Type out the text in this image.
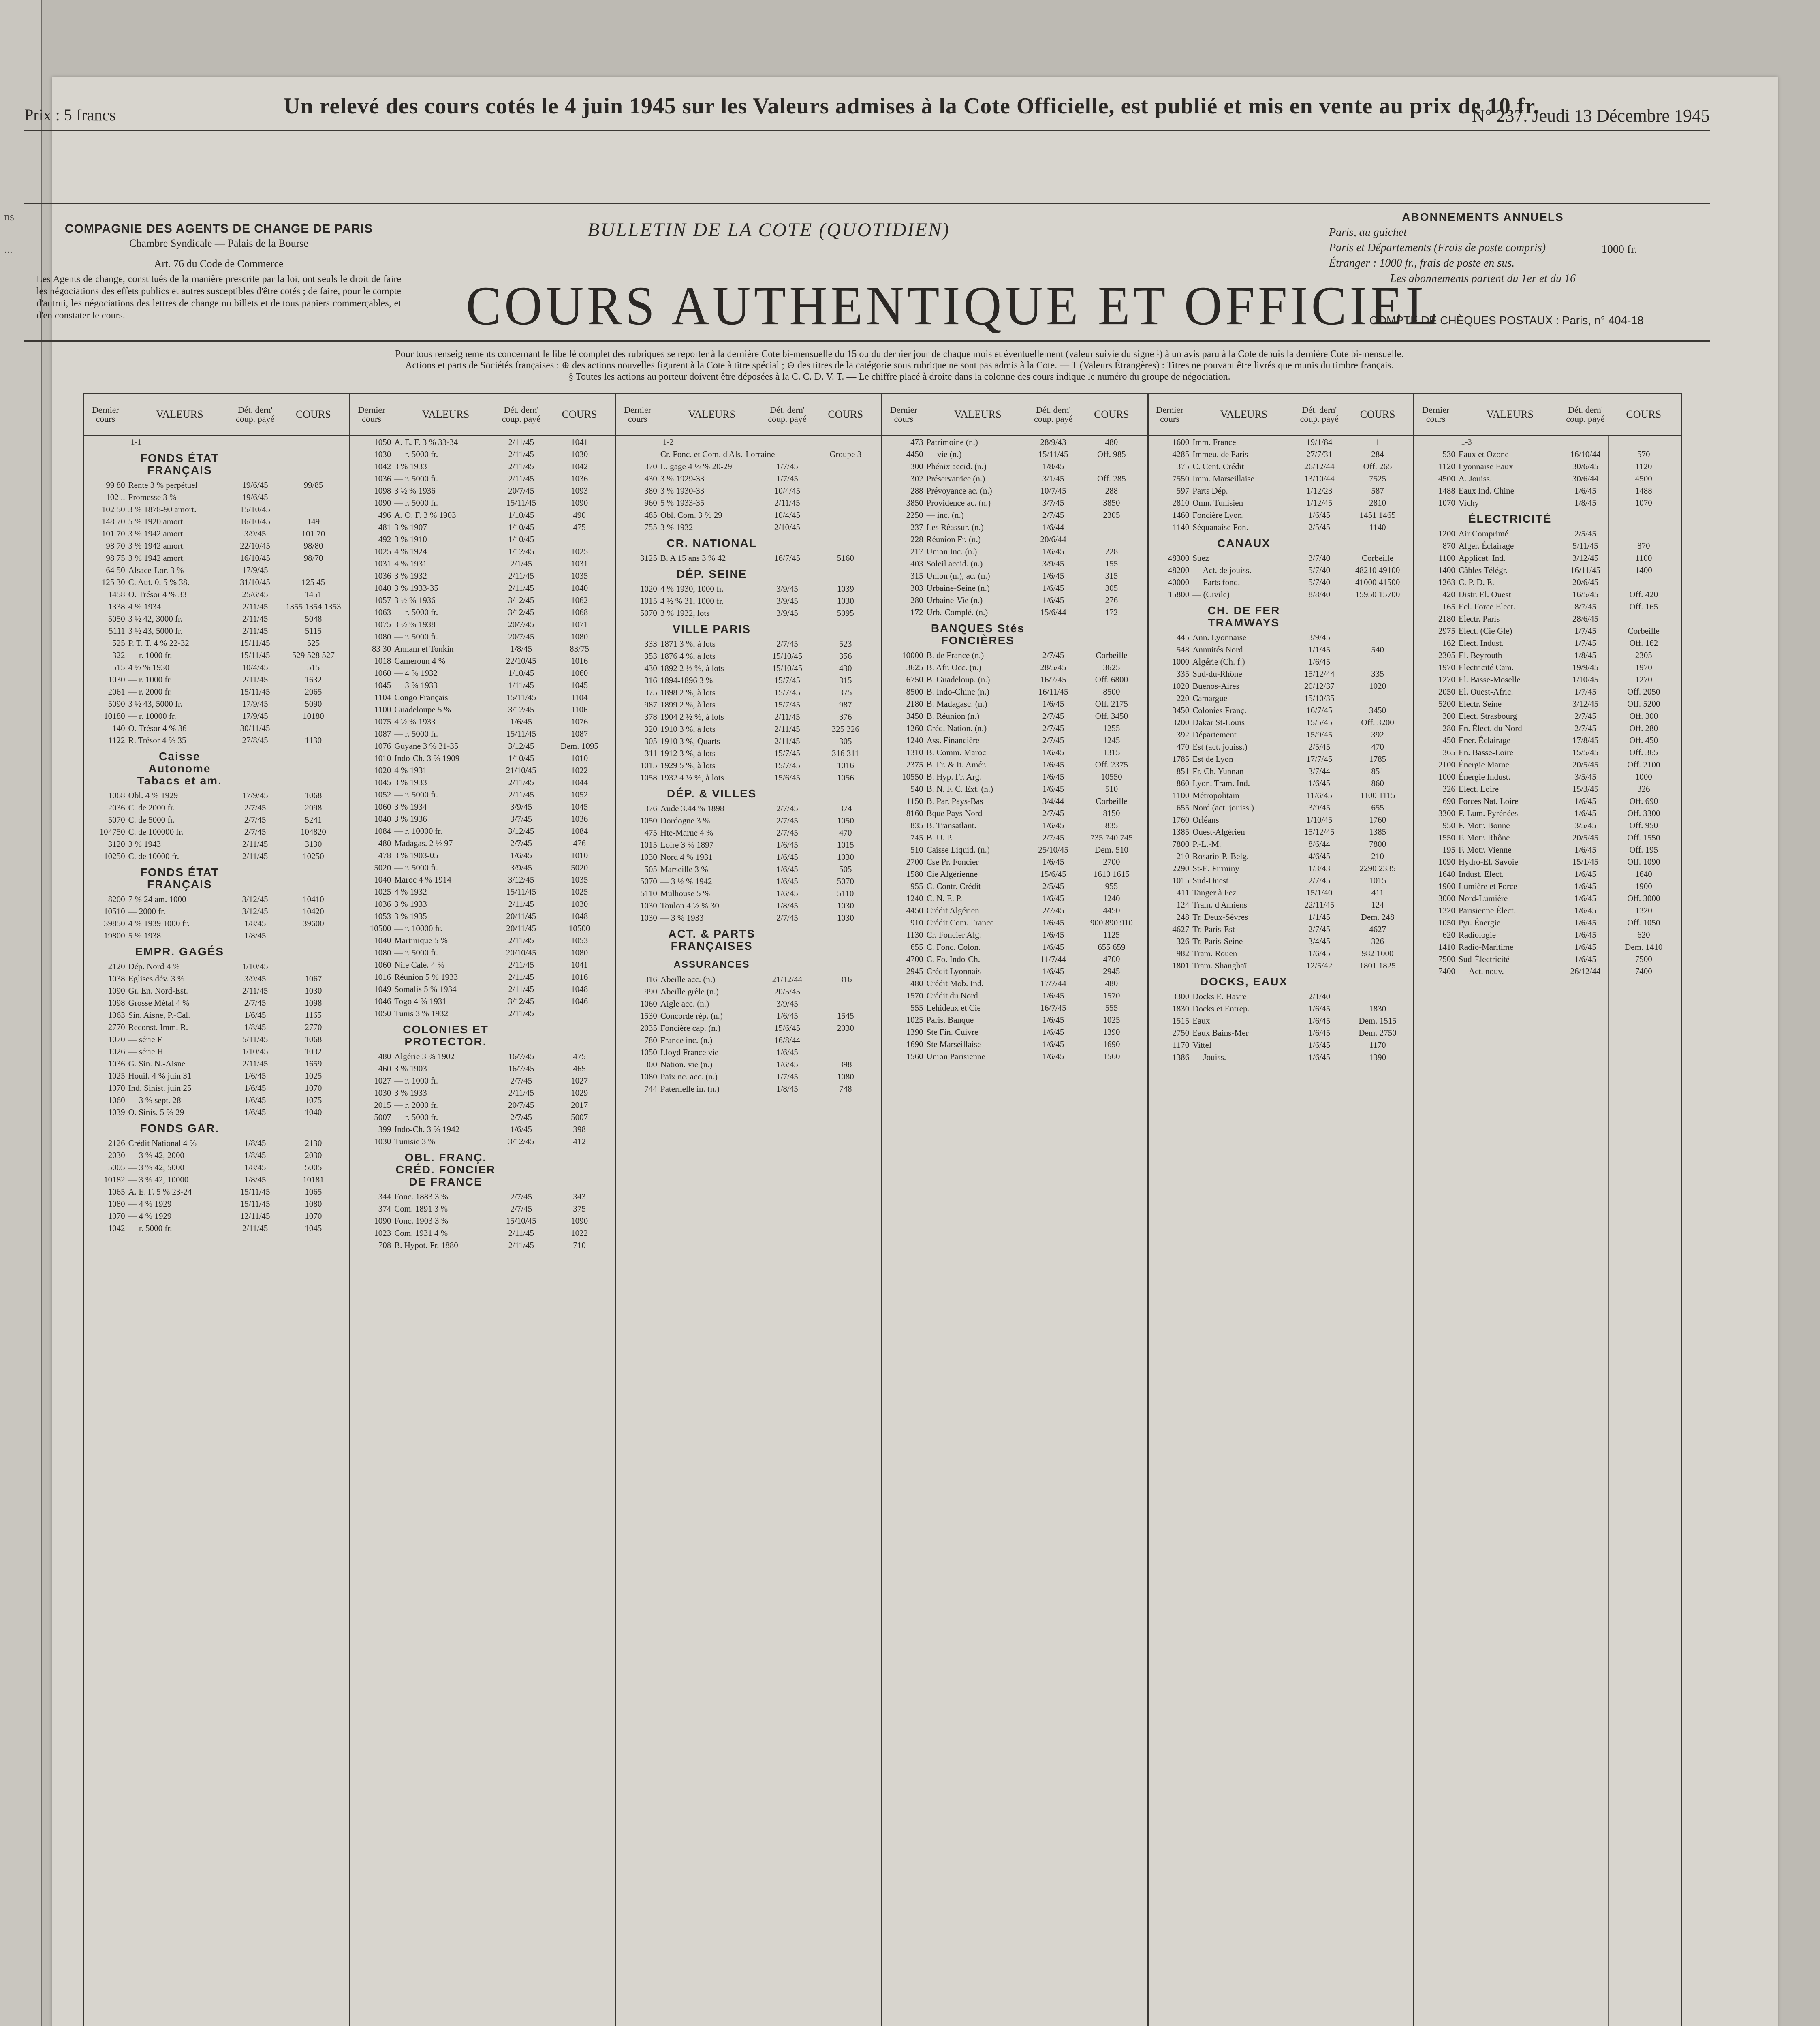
ns
...
Prix : 5 francs	Un relevé des cours cotés le 4 juin 1945 sur les Valeurs admises à la Cote Officielle, est publié et mis en vente au prix de 10 fr.
N° 237. Jeudi 13 Décembre 1945
COMPAGNIE DES AGENTS DE CHANGE DE PARIS
Chambre Syndicale — Palais de la Bourse
Art. 76 du Code de Commerce
Les Agents de change, constitués de la manière prescrite par la loi, ont seuls le droit de faire les négociations des effets publics et autres susceptibles d'être cotés ; de faire, pour le compte d'autrui, les négociations des lettres de change ou billets et de tous papiers commerçables, et d'en constater le cours.
BULLETIN DE LA COTE (QUOTIDIEN)
COURS AUTHENTIQUE ET OFFICIEL
ABONNEMENTS ANNUELS
Paris, au guichet
Paris et Départements (Frais de poste compris)
Étranger : 1000 fr., frais de poste en sus.
Les abonnements partent du 1er et du 16
1000 fr.
COMPTE DE CHÈQUES POSTAUX : Paris, n° 404-18
Pour tous renseignements concernant le libellé complet des rubriques se reporter à la dernière Cote bi-mensuelle du 15 ou du dernier jour de chaque mois et éventuellement (valeur suivie du signe ¹) à un avis paru à la Cote depuis la dernière Cote bi-mensuelle.
Actions et parts de Sociétés françaises : ⊕ des actions nouvelles figurent à la Cote à titre spécial ; ⊖ des titres de la catégorie sous rubrique ne sont pas admis à la Cote. — T (Valeurs Étrangères) : Titres ne pouvant être livrés que munis du timbre français.
§ Toutes les actions au porteur doivent être déposées à la C. C. D. V. T. — Le chiffre placé à droite dans la colonne des cours indique le numéro du groupe de négociation.
Dernier cours	VALEURS	Dét. dern' coup. payé	COURS
1-1
FONDS ÉTAT FRANÇAIS
99 80 Rente 3 % perpétuel	19/6/45	99/85
102 .. Promesse 3 %	19/6/45
102 50 3 % 1878-90 amort.	15/10/45
148 70 5 % 1920 amort.	16/10/45	149
101 70 3 % 1942 amort.	3/9/45	101 70
98 70 3 % 1942 amort.	22/10/45	98/80
98 75 3 % 1942 amort.	16/10/45	98/70
64 50 Alsace-Lor. 3 %	17/9/45
125 30 C. Aut. 0. 5 % 38.	31/10/45	125 45
1458 O. Trésor 4 % 33	25/6/45	1451
1338 4 % 1934	2/11/45	1355 1354 1353
5050 3 ½ 42, 3000 fr.	2/11/45	5048
5111 3 ½ 43, 5000 fr.	2/11/45	5115
525 P. T. T. 4 % 22-32	15/11/45	525
322 — r. 1000 fr.	15/11/45	529 528 527
515 4 ½ % 1930	10/4/45	515
1030 — r. 1000 fr.	2/11/45	1632
2061 — r. 2000 fr.	15/11/45	2065
5090 3 ½ 43, 5000 fr.	17/9/45	5090
10180 — r. 10000 fr.	17/9/45	10180
140 O. Trésor 4 % 36	30/11/45
1122 R. Trésor 4 % 35	27/8/45	1130
Caisse Autonome Tabacs et am.
1068 Obl. 4 % 1929	17/9/45	1068
2036 C. de 2000 fr.	2/7/45	2098
5070 C. de 5000 fr.	2/7/45	5241
104750 C. de 100000 fr.	2/7/45	104820
3120 3 % 1943	2/11/45	3130
10250 C. de 10000 fr.	2/11/45	10250
FONDS ÉTAT FRANÇAIS
8200 7 % 24 am. 1000	3/12/45	10410
10510 — 2000 fr.	3/12/45	10420
39850 4 % 1939 1000 fr.	1/8/45	39600
19800 5 % 1938	1/8/45
EMPR. GAGÉS
2120 Dép. Nord 4 %	1/10/45
1038 Eglises dév. 3 %	3/9/45	1067
1090 Gr. En. Nord-Est.	2/11/45	1030
1098 Grosse Métal 4 %	2/7/45	1098
1063 Sin. Aisne, P.-Cal.	1/6/45	1165
2770 Reconst. Imm. R.	1/8/45	2770
1070 — série F	5/11/45	1068
1026 — série H	1/10/45	1032
1036 G. Sin. N.-Aisne	2/11/45	1659
1025 Houil. 4 % juin 31	1/6/45	1025
1070 Ind. Sinist. juin 25	1/6/45	1070
1060 — 3 % sept. 28	1/6/45	1075
1039 O. Sinis. 5 % 29	1/6/45	1040
FONDS GAR.
2126 Crédit National 4 %	1/8/45	2130
2030 — 3 % 42, 2000	1/8/45	2030
5005 — 3 % 42, 5000	1/8/45	5005
10182 — 3 % 42, 10000	1/8/45	10181
1065 A. E. F. 5 % 23-24	15/11/45	1065
1080 — 4 % 1929	15/11/45	1080
1070 — 4 % 1929	12/11/45	1070
1042 — r. 5000 fr.	2/11/45	1045
Dernier cours	VALEURS	Dét. dern' coup. payé	COURS
1050 A. E. F. 3 % 33-34	2/11/45	1041
1030 — r. 5000 fr.	2/11/45	1030
1042 3 % 1933	2/11/45	1042
1036 — r. 5000 fr.	2/11/45	1036
1098 3 ½ % 1936	20/7/45	1093
1090 — r. 5000 fr.	15/11/45	1090
496 A. O. F. 3 % 1903	1/10/45	490
481 3 % 1907	1/10/45	475
492 3 % 1910	1/10/45
1025 4 % 1924	1/12/45	1025
1031 4 % 1931	2/1/45	1031
1036 3 % 1932	2/11/45	1035
1040 3 % 1933-35	2/11/45	1040
1057 3 ½ % 1936	3/12/45	1062
1063 — r. 5000 fr.	3/12/45	1068
1075 3 ½ % 1938	20/7/45	1071
1080 — r. 5000 fr.	20/7/45	1080
83 30 Annam et Tonkin	1/8/45	83/75
1018 Cameroun 4 %	22/10/45	1016
1060 — 4 % 1932	1/10/45	1060
1045 — 3 % 1933	1/11/45	1045
1104 Congo Français	15/11/45	1104
1100 Guadeloupe 5 %	3/12/45	1106
1075 4 ½ % 1933	1/6/45	1076
1087 — r. 5000 fr.	15/11/45	1087
1076 Guyane 3 % 31-35	3/12/45	Dem. 1095
1010 Indo-Ch. 3 % 1909	1/10/45	1010
1020 4 % 1931	21/10/45	1022
1045 3 % 1933	2/11/45	1044
1052 — r. 5000 fr.	2/11/45	1052
1060 3 % 1934	3/9/45	1045
1040 3 % 1936	3/7/45	1036
1084 — r. 10000 fr.	3/12/45	1084
480 Madagas. 2 ½ 97	2/7/45	476
478 3 % 1903-05	1/6/45	1010
5020 — r. 5000 fr.	3/9/45	5020
1040 Maroc 4 % 1914	3/12/45	1035
1025 4 % 1932	15/11/45	1025
1036 3 % 1933	2/11/45	1030
1053 3 % 1935	20/11/45	1048
10500 — r. 10000 fr.	20/11/45	10500
1040 Martinique 5 %	2/11/45	1053
1080 — r. 5000 fr.	20/10/45	1080
1060 Nile Calé. 4 %	2/11/45	1041
1016 Réunion 5 % 1933	2/11/45	1016
1049 Somalis 5 % 1934	2/11/45	1048
1046 Togo 4 % 1931	3/12/45	1046
1050 Tunis 3 % 1932	2/11/45
COLONIES ET PROTECTOR.
480 Algérie 3 % 1902	16/7/45	475
460 3 % 1903	16/7/45	465
1027 — r. 1000 fr.	2/7/45	1027
1030 3 % 1933	2/11/45	1029
2015 — r. 2000 fr.	20/7/45	2017
5007 — r. 5000 fr.	2/7/45	5007
399 Indo-Ch. 3 % 1942	1/6/45	398
1030 Tunisie 3 %	3/12/45	412
OBL. FRANÇ. CRÉD. FONCIER DE FRANCE
344 Fonc. 1883 3 %	2/7/45	343
374 Com. 1891 3 %	2/7/45	375
1090 Fonc. 1903 3 %	15/10/45	1090
1023 Com. 1931 4 %	2/11/45	1022
708 B. Hypot. Fr. 1880	2/11/45	710
Dernier cours	VALEURS	Dét. dern' coup. payé	COURS
1-2
Cr. Fonc. et Com. d'Als.-Lorraine	Groupe 3
370 L. gage 4 ½ % 20-29	1/7/45
430 3 % 1929-33	1/7/45
380 3 % 1930-33	10/4/45
960 5 % 1933-35	2/11/45
485 Obl. Com. 3 % 29	10/4/45
755 3 % 1932	2/10/45
CR. NATIONAL
3125 B. A 15 ans 3 % 42	16/7/45	5160
DÉP. SEINE
1020 4 % 1930, 1000 fr.	3/9/45	1039
1015 4 ½ % 31, 1000 fr.	3/9/45	1030
5070 3 % 1932, lots	3/9/45	5095
VILLE PARIS
333 1871 3 %, à lots	2/7/45	523
353 1876 4 %, à lots	15/10/45	356
430 1892 2 ½ %, à lots	15/10/45	430
316 1894-1896 3 %	15/7/45	315
375 1898 2 %, à lots	15/7/45	375
987 1899 2 %, à lots	15/7/45	987
378 1904 2 ½ %, à lots	2/11/45	376
320 1910 3 %, à lots	2/11/45	325 326
305 1910 3 %, Quarts	2/11/45	305
311 1912 3 %, à lots	15/7/45	316 311
1015 1929 5 %, à lots	15/7/45	1016
1058 1932 4 ½ %, à lots	15/6/45	1056
DÉP. & VILLES
376 Aude 3.44 % 1898	2/7/45	374
1050 Dordogne 3 %	2/7/45	1050
475 Hte-Marne 4 %	2/7/45	470
1015 Loire 3 % 1897	1/6/45	1015
1030 Nord 4 % 1931	1/6/45	1030
505 Marseille 3 %	1/6/45	505
5070 — 3 ½ % 1942	1/6/45	5070
5110 Mulhouse 5 %	1/6/45	5110
1030 Toulon 4 ½ % 30	1/8/45	1030
1030 — 3 % 1933	2/7/45	1030
ACT. & PARTS FRANÇAISES
ASSURANCES
316 Abeille acc. (n.)	21/12/44	316
990 Abeille grêle (n.)	20/5/45
1060 Aigle acc. (n.)	3/9/45
1530 Concorde rép. (n.)	1/6/45	1545
2035 Foncière cap. (n.)	15/6/45	2030
780 France inc. (n.)	16/8/44
1050 Lloyd France vie	1/6/45
300 Nation. vie (n.)	1/6/45	398
1080 Paix nc. acc. (n.)	1/7/45	1080
744 Paternelle in. (n.)	1/8/45	748
Dernier cours	VALEURS	Dét. dern' coup. payé	COURS
473 Patrimoine (n.)	28/9/43	480
4450 — vie (n.)	15/11/45	Off. 985
300 Phénix accid. (n.)	1/8/45
302 Préservatrice (n.)	3/1/45	Off. 285
288 Prévoyance ac. (n.)	10/7/45	288
3850 Providence ac. (n.)	3/7/45	3850
2250 — inc. (n.)	2/7/45	2305
237 Les Réassur. (n.)	1/6/44
228 Réunion Fr. (n.)	20/6/44
217 Union Inc. (n.)	1/6/45	228
403 Soleil accid. (n.)	3/9/45	155
315 Union (n.), ac. (n.)	1/6/45	315
303 Urbaine-Seine (n.)	1/6/45	305
280 Urbaine-Vie (n.)	1/6/45	276
172 Urb.-Complé. (n.)	15/6/44	172
BANQUES Stés FONCIÈRES
10000 B. de France (n.)	2/7/45	Corbeille
3625 B. Afr. Occ. (n.)	28/5/45	3625
6750 B. Guadeloup. (n.)	16/7/45	Off. 6800
8500 B. Indo-Chine (n.)	16/11/45	8500
2180 B. Madagasc. (n.)	1/6/45	Off. 2175
3450 B. Réunion (n.)	2/7/45	Off. 3450
1260 Créd. Nation. (n.)	2/7/45	1255
1240 Ass. Financière	2/7/45	1245
1310 B. Comm. Maroc	1/6/45	1315
2375 B. Fr. & It. Amér.	1/6/45	Off. 2375
10550 B. Hyp. Fr. Arg.	1/6/45	10550
540 B. N. F. C. Ext. (n.)	1/6/45	510
1150 B. Par. Pays-Bas	3/4/44	Corbeille
8160 Bque Pays Nord	2/7/45	8150
835 B. Transatlant.	1/6/45	835
745 B. U. P.	2/7/45	735 740 745
510 Caisse Liquid. (n.)	25/10/45	Dem. 510
2700 Cse Pr. Foncier	1/6/45	2700
1580 Cie Algérienne	15/6/45	1610 1615
955 C. Contr. Crédit	2/5/45	955
1240 C. N. E. P.	1/6/45	1240
4450 Crédit Algérien	2/7/45	4450
910 Crédit Com. France	1/6/45	900 890 910
1130 Cr. Foncier Alg.	1/6/45	1125
655 C. Fonc. Colon.	1/6/45	655 659
4700 C. Fo. Indo-Ch.	11/7/44	4700
2945 Crédit Lyonnais	1/6/45	2945
480 Crédit Mob. Ind.	17/7/44	480
1570 Crédit du Nord	1/6/45	1570
555 Lehideux et Cie	16/7/45	555
1025 Paris. Banque	1/6/45	1025
1390 Ste Fin. Cuivre	1/6/45	1390
1690 Ste Marseillaise	1/6/45	1690
1560 Union Parisienne	1/6/45	1560
Dernier cours	VALEURS	Dét. dern' coup. payé	COURS
1600 Imm. France	19/1/84	1
4285 Immeu. de Paris	27/7/31	284
375 C. Cent. Crédit	26/12/44	Off. 265
7550 Imm. Marseillaise	13/10/44	7525
597 Parts Dép.	1/12/23	587
2810 Omn. Tunisien	1/12/45	2810
1460 Foncière Lyon.	1/6/45	1451 1465
1140 Séquanaise Fon.	2/5/45	1140
CANAUX
48300 Suez	3/7/40	Corbeille
48200 — Act. de jouiss.	5/7/40	48210 49100
40000 — Parts fond.	5/7/40	41000 41500
15800 — (Civile)	8/8/40	15950 15700
CH. DE FER TRAMWAYS
445 Ann. Lyonnaise	3/9/45
548 Annuités Nord	1/1/45	540
1000 Algérie (Ch. f.)	1/6/45
335 Sud-du-Rhône	15/12/44	335
1020 Buenos-Aires	20/12/37	1020
220 Camargue	15/10/35
3450 Colonies Franç.	16/7/45	3450
3200 Dakar St-Louis	15/5/45	Off. 3200
392 Département	15/9/45	392
470 Est (act. jouiss.)	2/5/45	470
1785 Est de Lyon	17/7/45	1785
851 Fr. Ch. Yunnan	3/7/44	851
860 Lyon. Tram. Ind.	1/6/45	860
1100 Métropolitain	11/6/45	1100 1115
655 Nord (act. jouiss.)	3/9/45	655
1760 Orléans	1/10/45	1760
1385 Ouest-Algérien	15/12/45	1385
7800 P.-L.-M.	8/6/44	7800
210 Rosario-P.-Belg.	4/6/45	210
2290 St-E. Firminy	1/3/43	2290 2335
1015 Sud-Ouest	2/7/45	1015
411 Tanger à Fez	15/1/40	411
124 Tram. d'Amiens	22/11/45	124
248 Tr. Deux-Sèvres	1/1/45	Dem. 248
4627 Tr. Paris-Est	2/7/45	4627
326 Tr. Paris-Seine	3/4/45	326
982 Tram. Rouen	1/6/45	982 1000
1801 Tram. Shanghaï	12/5/42	1801 1825
DOCKS, EAUX
3300 Docks E. Havre	2/1/40
1830 Docks et Entrep.	1/6/45	1830
1515 Eaux	1/6/45	Dem. 1515
2750 Eaux Bains-Mer	1/6/45	Dem. 2750
1170 Vittel	1/6/45	1170
1386 — Jouiss.	1/6/45	1390
Dernier cours	VALEURS	Dét. dern' coup. payé	COURS
1-3
530 Eaux et Ozone	16/10/44	570
1120 Lyonnaise Eaux	30/6/45	1120
4500 A. Jouiss.	30/6/44	4500
1488 Eaux Ind. Chine	1/6/45	1488
1070 Vichy	1/8/45	1070
ÉLECTRICITÉ
1200 Air Comprimé	2/5/45
870 Alger. Éclairage	5/11/45	870
1100 Applicat. Ind.	3/12/45	1100
1400 Câbles Télégr.	16/11/45	1400
1263 C. P. D. E.	20/6/45
420 Distr. El. Ouest	16/5/45	Off. 420
165 Ecl. Force Elect.	8/7/45	Off. 165
2180 Electr. Paris	28/6/45
2975 Elect. (Cie Gle)	1/7/45	Corbeille
162 Elect. Indust.	1/7/45	Off. 162
2305 El. Beyrouth	1/8/45	2305
1970 Electricité Cam.	19/9/45	1970
1270 El. Basse-Moselle	1/10/45	1270
2050 El. Ouest-Afric.	1/7/45	Off. 2050
5200 Electr. Seine	3/12/45	Off. 5200
300 Elect. Strasbourg	2/7/45	Off. 300
280 En. Élect. du Nord	2/7/45	Off. 280
450 Ener. Éclairage	17/8/45	Off. 450
365 En. Basse-Loire	15/5/45	Off. 365
2100 Énergie Marne	20/5/45	Off. 2100
1000 Énergie Indust.	3/5/45	1000
326 Elect. Loire	15/3/45	326
690 Forces Nat. Loire	1/6/45	Off. 690
3300 F. Lum. Pyrénées	1/6/45	Off. 3300
950 F. Motr. Bonne	3/5/45	Off. 950
1550 F. Motr. Rhône	20/5/45	Off. 1550
195 F. Motr. Vienne	1/6/45	Off. 195
1090 Hydro-El. Savoie	15/1/45	Off. 1090
1640 Indust. Elect.	1/6/45	1640
1900 Lumière et Force	1/6/45	1900
3000 Nord-Lumière	1/6/45	Off. 3000
1320 Parisienne Élect.	1/6/45	1320
1050 Pyr. Énergie	1/6/45	Off. 1050
620 Radiologie	1/6/45	620
1410 Radio-Maritime	1/6/45	Dem. 1410
7500 Sud-Électricité	1/6/45	7500
7400 — Act. nouv.	26/12/44	7400
